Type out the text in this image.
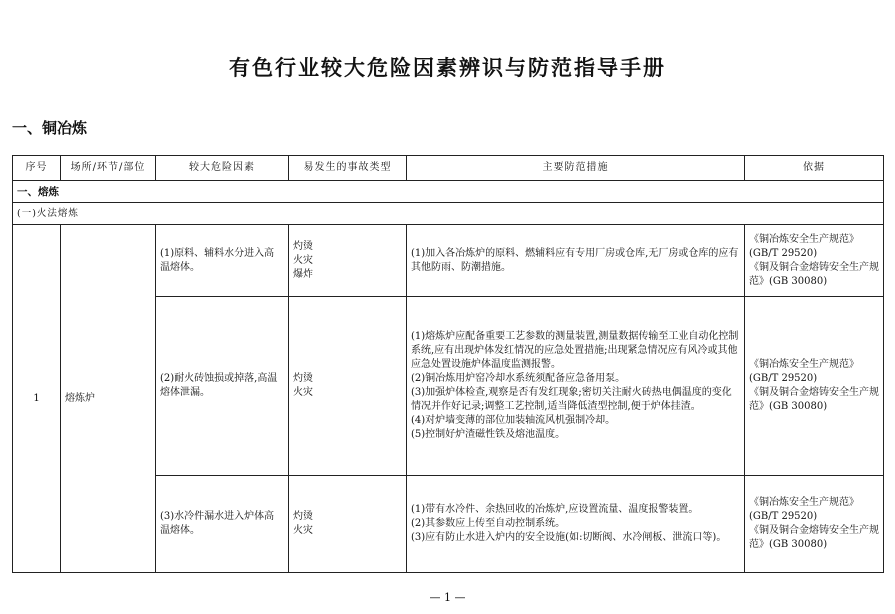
有色行业较大危险因素辨识与防范指导手册
一、铜冶炼
序号	场所/环节/部位	较大危险因素	易发生的事故类型	主要防范措施	依据
一、熔炼					
(一)火法熔炼					
1	熔炼炉	(1)原料、辅料水分进入高温熔体。	灼烫
火灾
爆炸	(1)加入各冶炼炉的原料、燃辅料应有专用厂房或仓库,无厂房或仓库的应有其他防雨、防潮措施。	《铜冶炼安全生产规范》(GB/T 29520)
《铜及铜合金熔铸安全生产规范》(GB 30080)

		(2)耐火砖蚀损或掉落,高温熔体泄漏。	灼烫
火灾	(1)熔炼炉应配备重要工艺参数的测量装置,测量数据传输至工业自动化控制系统,应有出现炉体发红情况的应急处置措施;出现紧急情况应有风冷或其他应急处置设施炉体温度监测报警。
(2)铜冶炼用炉窑冷却水系统须配备应急备用泵。
(3)加强炉体检查,观察是否有发红现象;密切关注耐火砖热电偶温度的变化情况并作好记录;调整工艺控制,适当降低渣型控制,便于炉体挂渣。
(4)对炉墙变薄的部位加装轴流风机强制冷却。
(5)控制好炉渣磁性铁及熔池温度。	《铜冶炼安全生产规范》(GB/T 29520)
《铜及铜合金熔铸安全生产规范》(GB 30080)

		(3)水冷件漏水进入炉体高温熔体。	灼烫
火灾	(1)带有水冷件、余热回收的冶炼炉,应设置流量、温度报警装置。
(2)其参数应上传至自动控制系统。
(3)应有防止水进入炉内的安全设施(如:切断阀、水冷闸板、泄流口等)。	《铜冶炼安全生产规范》(GB/T 29520)
《铜及铜合金熔铸安全生产规范》(GB 30080)
— 1 —
